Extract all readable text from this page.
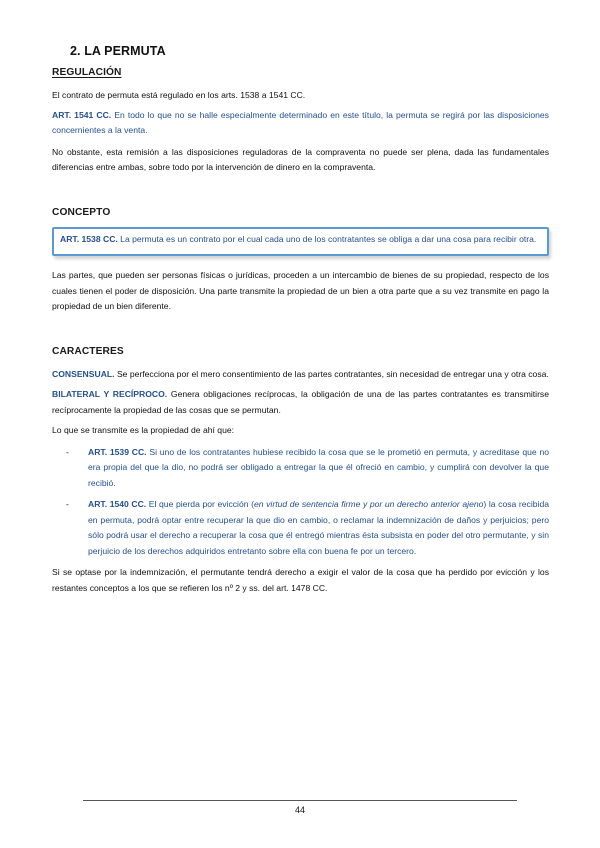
2. LA PERMUTA
REGULACIÓN

El contrato de permuta está regulado en los arts. 1538 a 1541 CC.

ART. 1541 CC. En todo lo que no se halle especialmente determinado en este título, la permuta se regirá por las disposiciones concernientes a la venta.

No obstante, esta remisión a las disposiciones reguladoras de la compraventa no puede ser plena, dada las fundamentales diferencias entre ambas, sobre todo por la intervención de dinero en la compraventa.

CONCEPTO

ART. 1538 CC. La permuta es un contrato por el cual cada uno de los contratantes se obliga a dar una cosa para recibir otra.

Las partes, que pueden ser personas físicas o jurídicas, proceden a un intercambio de bienes de su propiedad, respecto de los cuales tienen el poder de disposición. Una parte transmite la propiedad de un bien a otra parte que a su vez transmite en pago la propiedad de un bien diferente.

CARACTERES

CONSENSUAL. Se perfecciona por el mero consentimiento de las partes contratantes, sin necesidad de entregar una y otra cosa.

BILATERAL Y RECÍPROCO. Genera obligaciones recíprocas, la obligación de una de las partes contratantes es transmitirse recíprocamente la propiedad de las cosas que se permutan.

Lo que se transmite es la propiedad de ahí que:

- ART. 1539 CC. Si uno de los contratantes hubiese recibido la cosa que se le prometió en permuta, y acreditase que no era propia del que la dio, no podrá ser obligado a entregar la que él ofreció en cambio, y cumplirá con devolver la que recibió.

- ART. 1540 CC. El que pierda por evicción (en virtud de sentencia firme y por un derecho anterior ajeno) la cosa recibida en permuta, podrá optar entre recuperar la que dio en cambio, o reclamar la indemnización de daños y perjuicios; pero sólo podrá usar el derecho a recuperar la cosa que él entregó mientras ésta subsista en poder del otro permutante, y sin perjuicio de los derechos adquiridos entretanto sobre ella con buena fe por un tercero.

Si se optase por la indemnización, el permutante tendrá derecho a exigir el valor de la cosa que ha perdido por evicción y los restantes conceptos a los que se refieren los nº 2 y ss. del art. 1478 CC.

44
